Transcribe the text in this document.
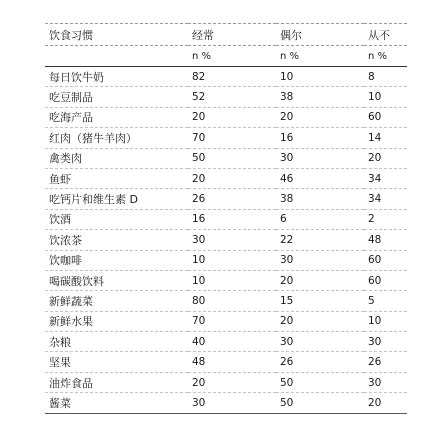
饮食习惯	经常	偶尔	从不
	n %	n %	n %
每日饮牛奶	82	10	8
吃豆制品	52	38	10
吃海产品	20	20	60
红肉（猪牛羊肉）	70	16	14
禽类肉	50	30	20
鱼虾	20	46	34
吃钙片和维生素 D	26	38	34
饮酒	16	6	2
饮浓茶	30	22	48
饮咖啡	10	30	60
喝碳酸饮料	10	20	60
新鲜蔬菜	80	15	5
新鲜水果	70	20	10
杂粮	40	30	30
坚果	48	26	26
油炸食品	20	50	30
酱菜	30	50	20
